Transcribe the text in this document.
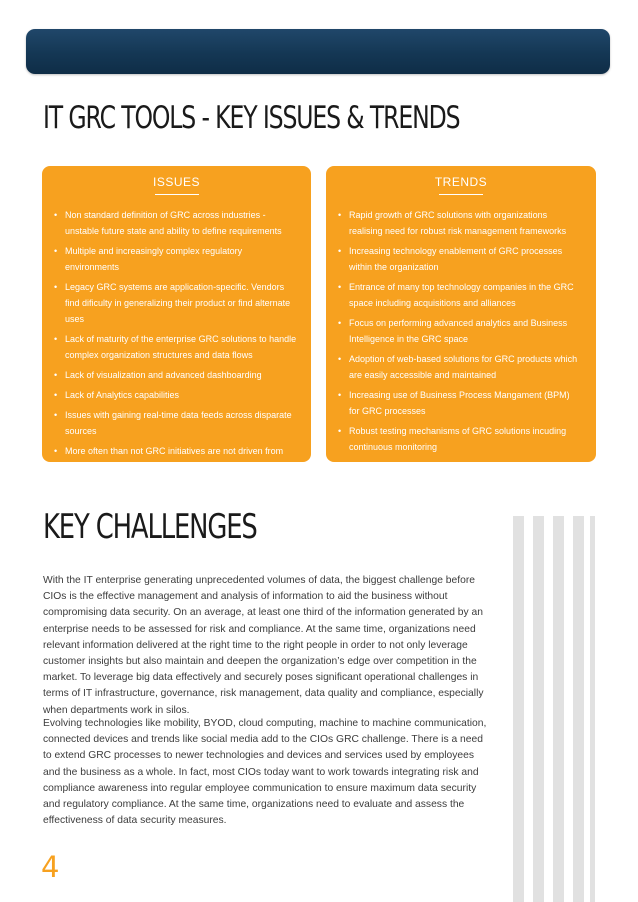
IT GRC TOOLS - KEY ISSUES & TRENDS
ISSUES
• Non standard definition of GRC across industries - unstable future state and ability to define requirements
• Multiple and increasingly complex regulatory environments
• Legacy GRC systems are application-specific. Vendors find dificulty in generalizing their product or find alternate uses
• Lack of maturity of the enterprise GRC solutions to handle complex organization structures and data flows
• Lack of visualization and advanced dashboarding
• Lack of Analytics capabilities
• Issues with gaining real-time data feeds across disparate sources
• More often than not GRC initiatives are not driven from the top layers of leadership
TRENDS
• Rapid growth of GRC solutions with organizations realising need for robust risk management frameworks
• Increasing technology enablement of GRC processes within the organization
• Entrance of many top technology companies in the GRC space including acquisitions and alliances
• Focus on performing advanced analytics and Business Intelligence in the GRC space
• Adoption of web-based solutions for GRC products which are easily accessible and maintained
• Increasing use of Business Process Mangament (BPM) for GRC processes
• Robust testing mechanisms of GRC solutions incuding continuous monitoring
KEY CHALLENGES

With the IT enterprise generating unprecedented volumes of data, the biggest challenge before CIOs is the effective management and analysis of information to aid the business without compromising data security. On an average, at least one third of the information generated by an enterprise needs to be assessed for risk and compliance. At the same time, organizations need relevant information delivered at the right time to the right people in order to not only leverage customer insights but also maintain and deepen the organization’s edge over competition in the market. To leverage big data effectively and securely poses significant operational challenges in terms of IT infrastructure, governance, risk management, data quality and compliance, especially when departments work in silos.

Evolving technologies like mobility, BYOD, cloud computing, machine to machine communication, connected devices and trends like social media add to the CIOs GRC challenge. There is a need to extend GRC processes to newer technologies and devices and services used by employees and the business as a whole. In fact, most CIOs today want to work towards integrating risk and compliance awareness into regular employee communication to ensure maximum data security and regulatory compliance. At the same time, organizations need to evaluate and assess the effectiveness of data security measures.

4
